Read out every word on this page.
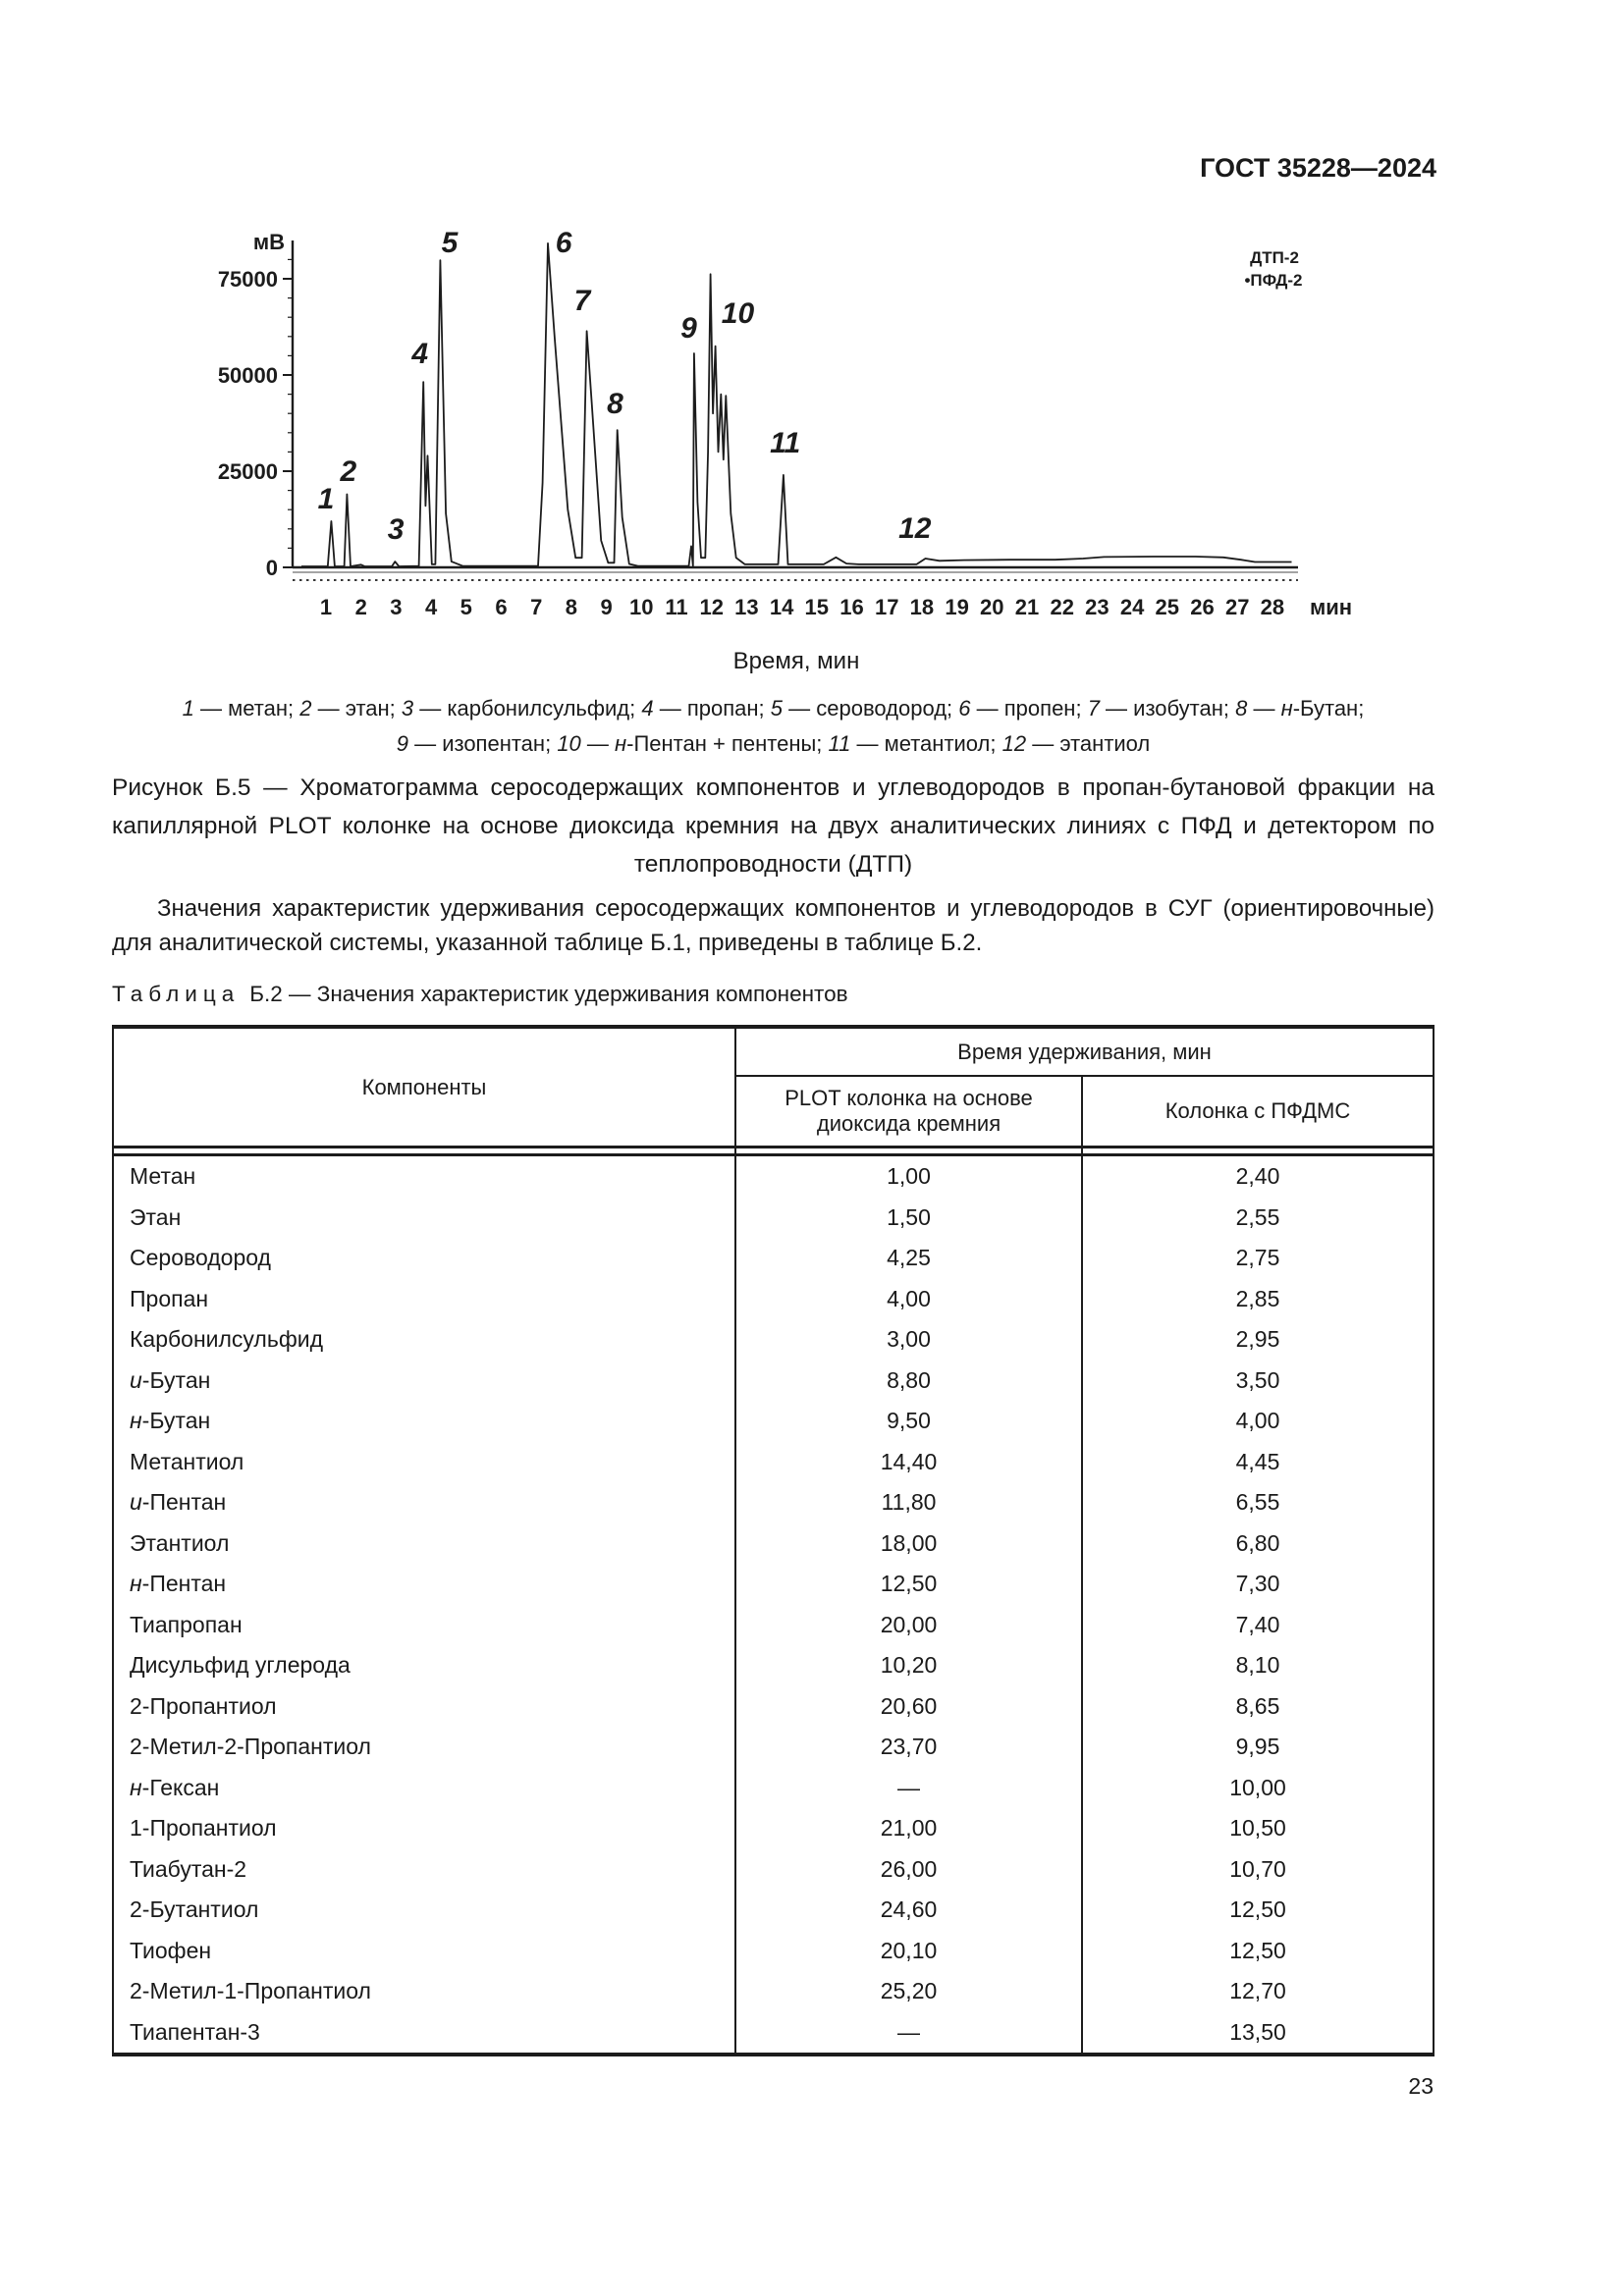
ГОСТ 35228—2024
0
25000
50000
75000
мВ
1 2 3 4 5 6 7 8 9 10 11 12 13 14 15 16 17 18 19 20 21 22 23 24 25 26 27 28 мин
ДТП-2
•ПФД-2
1
2
3
4
5	6
7
8
9 10
11
12
Время, мин
1 — метан; 2 — этан; 3 — карбонилсульфид; 4 — пропан; 5 — сероводород; 6 — пропен; 7 — изобутан; 8 — н-Бутан;
9 — изопентан; 10 — н-Пентан + пентены; 11 — метантиол; 12 — этантиол
Рисунок Б.5 — Хроматограмма серосодержащих компонентов и углеводородов в пропан-бутановой фракции на капиллярной PLOT колонке на основе диоксида кремния на двух аналитических линиях с ПФД и детектором по теплопроводности (ДТП)
Значения характеристик удерживания серосодержащих компонентов и углеводородов в СУГ (ориентировочные) для аналитической системы, указанной таблице Б.1, приведены в таблице Б.2.
Таблица Б.2 — Значения характеристик удерживания компонентов
Компоненты
Время удерживания, мин
PLOT колонка на основе диоксида кремния
Колонка с ПФДМС
Метан	1,00	2,40
Этан	1,50	2,55
Сероводород	4,25	2,75
Пропан	4,00	2,85
Карбонилсульфид	3,00	2,95
и -Бутан	8,80	3,50
н -Бутан	9,50	4,00
Метантиол	14,40	4,45
и -Пентан	11,80	6,55
Этантиол	18,00	6,80
н -Пентан	12,50	7,30
Тиапропан	20,00	7,40
Дисульфид углерода	10,20	8,10
2-Пропантиол	20,60	8,65
2-Метил-2-Пропантиол	23,70	9,95
н -Гексан	—	10,00
1-Пропантиол	21,00	10,50
Тиабутан-2	26,00	10,70
2-Бутантиол	24,60	12,50
Тиофен	20,10	12,50
2-Метил-1-Пропантиол	25,20	12,70
Тиапентан-3	—	13,50
23
